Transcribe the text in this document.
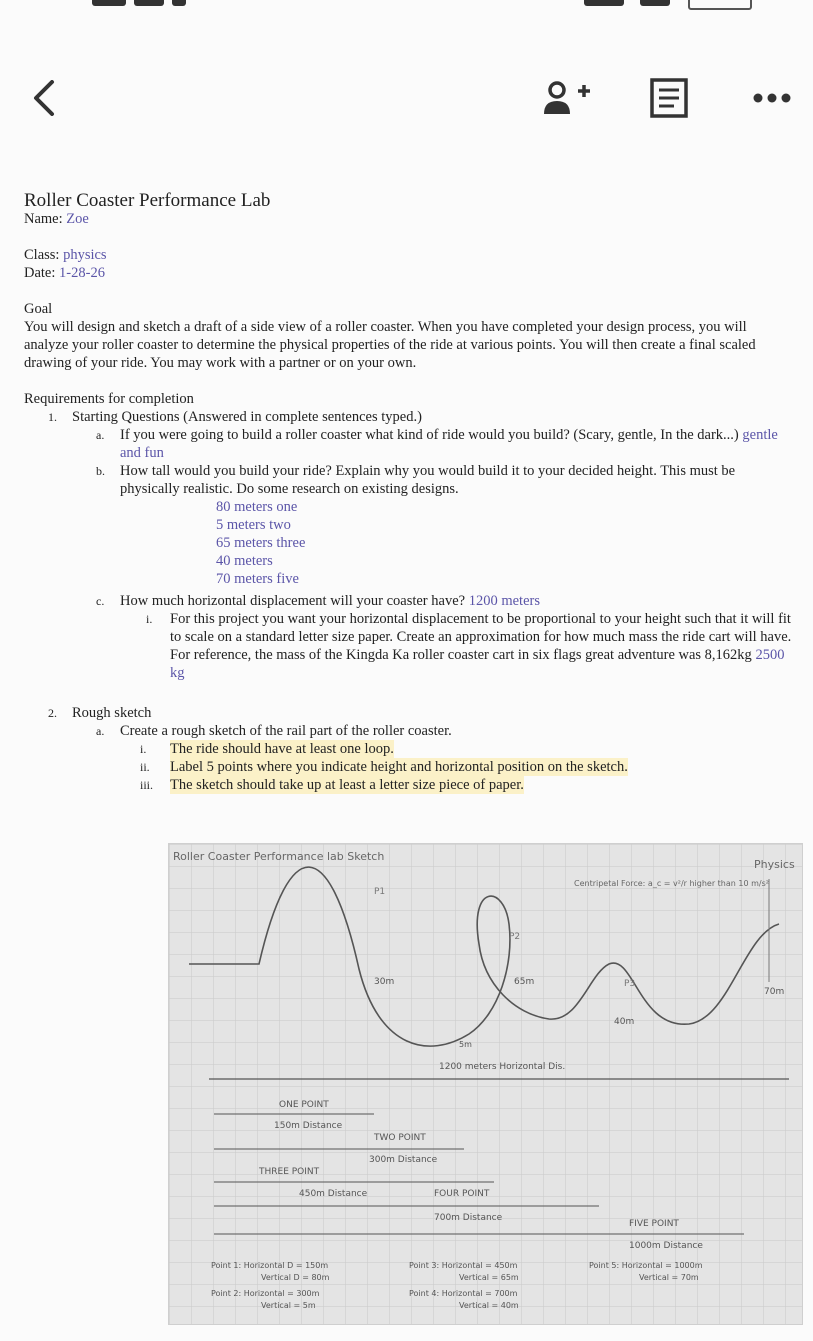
Roller Coaster Performance Lab

Name: Zoe

Class: physics

Date: 1-28-26

Goal

You will design and sketch a draft of a side view of a roller coaster. When you have completed your design process, you will analyze your roller coaster to determine the physical properties of the ride at various points. You will then create a final scaled drawing of your ride. You may work with a partner or on your own.

Requirements for completion

1.	Starting Questions (Answered in complete sentences typed.)
a.	If you were going to build a roller coaster what kind of ride would you build? (Scary, gentle, In the dark...) gentle and fun
b.	How tall would you build your ride? Explain why you would build it to your decided height. This must be physically realistic. Do some research on existing designs.
80 meters one
5 meters two
65 meters three
40 meters
70 meters five
c.	How much horizontal displacement will your coaster have? 1200 meters
i.	For this project you want your horizontal displacement to be proportional to your height such that it will fit to scale on a standard letter size paper. Create an approximation for how much mass the ride cart will have. For reference, the mass of the Kingda Ka roller coaster cart in six flags great adventure was 8,162kg 2500 kg
2.	Rough sketch
a.	Create a rough sketch of the rail part of the roller coaster.
i.	The ride should have at least one loop.
ii.	Label 5 points where you indicate height and horizontal position on the sketch.
iii.	The sketch should take up at least a letter size piece of paper.
Roller Coaster Performance lab Sketch
Physics
Centripetal Force: a_c = v²/r higher than 10 m/s²
P1
P2
P3
30m	65m
40m
70m
5m
1200 meters Horizontal Dis.
ONE POINT
150m Distance
TWO POINT
300m Distance
THREE POINT
450m Distance	FOUR POINT
700m Distance
FIVE POINT
1000m Distance
Point 1: Horizontal D = 150m
Vertical D = 80m
Point 2: Horizontal = 300m
Vertical = 5m
Point 3: Horizontal = 450m
Vertical = 65m
Point 4: Horizontal = 700m
Vertical = 40m
Point 5: Horizontal = 1000m
Vertical = 70m
